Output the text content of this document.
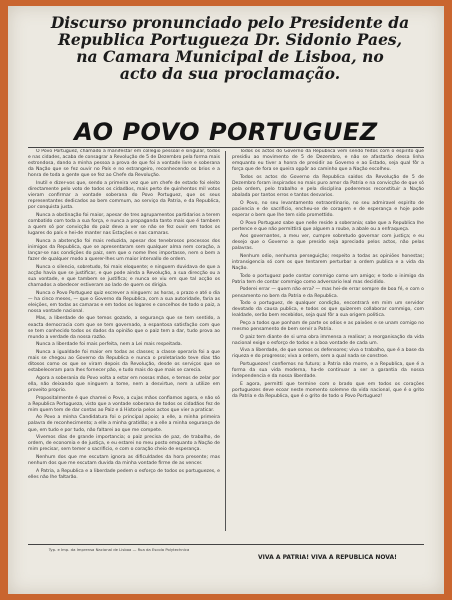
Discurso pronunciado pelo Presidente da
Republica Portugueza Dr. Sidonio Paes,
na Camara Municipal de Lisboa, no
acto da sua proclamação.
AO POVO PORTUGUEZ

O Povo Portuguez, chamado a manifestar em collegio pessoal e singular, todos e nas cidades, acaba de consagrar a Revolução de 5 de Dezembro pela forma mais estrondosa, dando a minha pessoa a prova de que foi a vontade livre e soberana da Nação que se fez ouvir no País e no estrangeiro, reconhecendo os brios e a honra de toda a gente que se fez ao Chefe da Revolução.

Inutil e dizer-vos que, sendo a primeira vez que um chefe de estado foi eleito directamente pelo voto de todos os cidadãos, mais perto de quinhentos mil votos vieram confirmar a vontade soberana do Povo Portuguez, que os seus representantes dedicados ao bem commum, ao serviço da Patria, e da Republica, por conquista justa.

Nunca a obstinação foi maior, apesar de tres agrupamentos partidarios a terem combatido com toda a sua força, e nunca a propaganda tanto mais que é tambem a quem só por convicção do paiz devo a ver se não se fez ouvir em todos os lugares do país e hei-de manter nas Estações e nas camaras.

Nunca a abstenção foi mais reduzida, apesar dos tenebrosos processos dos inimigos da Republica, que se apresentaram sem qualquer alma nem coração, a lançar-se nas condições do paiz, sem que o nome lhes importasse, nem o bem a fazer de qualquer modo a querer-lhes um maior intervallo de ordem.

Nunca o silencio, sobretudo, foi mais eloquente; e ninguem duvidava de que a acção havia que se justificar, e que pode ainda a Revolução, a sua direcção ou a sua vontade, e que tambem se justifica; e nunca se viu em que tal acção os chamados a obedecer estiveram ao lado de quem os dirigia.

Nunca o Povo Portuguez quiz escrever a ninguem: as horas, o prazo e até o dia — ha cinco meses, — que o Governo da Republica, com a sua autoridade, faria as eleições, em todas as camaras e em todos os logares e concelhos de todo o paiz, a nossa vontade nacional.

Mas, a liberdade de que temos gozado, a segurança que se tem sentido, a exacta democracia com que se tem governado, a espantosa satisfação com que se tem conhecido todos os dados da opinião que o paiz tem a dar, tudo prova ao mundo a verdade da nossa razão.

Nunca a liberdade foi mais perfeita, nem a Lei mais respeitada.

Nunca a igualdade foi maior em todas as classes; a classe operaria foi a que mais se chegou ao Governo da Republica e nunca o proletariado teve dias tão ditosos como os que se viram depois da Revolução, desde os serviços que se estabeleceram para lhes fornecer pão, e tudo mais do que mais se carecia.

Agora a soberania do Povo volta a estar em nossas mãos, e temos de zelar por ella, não deixando que ninguem a tome, nem a desvirtue, nem a utilize em proveito proprio.

Propositalmente é que chamei o Povo, a cujas mãos confiamos agora, e não só a Republica Portugueza, visto que a vontade soberana de todos os cidadãos fez de mim quem tem de dar contas ao Paiz e á Historia pelos actos que vier a praticar.

Ao Povo a minha Candidatura foi o principal apoio; a elle, a minha primeira palavra de reconhecimento; a elle a minha gratidão; e a elle a minha segurança de que, em tudo e por tudo, não faltarei ao que me compete.

Vivemos dias de grande importancia; o paiz precisa de paz, de trabalho, de ordem, de economia e de justiça, e eu estarei no meu posto emquanto a Nação de mim precisar, sem temer o sacrificio, e com o coração cheio de esperança.

Nenhum dos que me escutam ignora as dificuldades da hora presente; mas nenhum dos que me escutam duvida da minha vontade firme de as vencer.

A Patria, a Republica e a liberdade pedem o esforço de todos os portuguezes, e elles não lhe faltarão.

Todos os actos do Governo da Republica vem sendo feitos com o espirito que presidiu ao movimento de 5 de Dezembro, e não se afastarão dessa linha emquanto eu tiver a honra de presidir ao Governo e ao Estado, seja qual fôr a força que de fora se queira oppôr ao caminho que a Nação escolheu.

Todos os actos do Governo da Republica saidos da Revolução de 5 de Dezembro foram inspirados no mais puro amor da Patria e na convicção de que só pela ordem, pelo trabalho e pela disciplina poderemos reconstituir a Nação abalada por tantos erros e tantos desvarios.

O Povo, no seu levantamento extraordinario, no seu admiravel espirito de paciencia e de sacrificio, encheu-se de coragem e de esperança e hoje pode esperar o bem que lhe tem sido promettido.

O Povo Portuguez sabe que nelle reside a soberania; sabe que a Republica lhe pertence e que não permittirá que alguem a roube, a abale ou a enfraqueça.

Aos governantes, a meu ver, cumpre sobretudo governar com justiça; e eu desejo que o Governo a que presido seja apreciado pelos actos, não pelas palavras.

Nenhum odio, nenhuma perseguição; respeito a todas as opiniões honestas; intransigencia só com os que tentarem perturbar a ordem publica e a vida da Nação.

Todo o portuguez pode contar commigo como um amigo; e todo o inimigo da Patria tem de contar commigo como adversario leal mas decidido.

Poderei errar — quem não erra? — mas hei-de errar sempre de boa fé, e com o pensamento no bem da Patria e da Republica.

Todo o portuguez, de qualquer condição, encontrará em mim um servidor devotado da causa publica, e todos os que quizerem collaborar commigo, com lealdade, serão bem recebidos, seja qual fôr a sua origem politica.

Peço a todos que ponham de parte os odios e as paixões e se unam comigo no mesmo pensamento de bem servir a Patria.

O paiz tem diante de si uma obra immensa a realisar; a reorganisação da vida nacional exige o esforço de todos e a boa vontade de cada um.

Viva a liberdade, de que somos os defensores; viva o trabalho, que é a base da riqueza e do progresso; viva a ordem, sem a qual nada se constroe.

Portuguezes! confiemos no futuro; a Patria não morre, e a Republica, que é a forma da sua vida moderna, ha-de continuar a ser a garantia da nossa independencia e da nossa liberdade.

E agora, permitti que termine com o brado que em todos os corações portuguezes deve ecoar neste momento solemne da vida nacional, que é o grito da Patria e da Republica, que é o grito de todo o Povo Portuguez!

Typ. e Imp. da Imprensa Nacional de Lisboa — Rua da Escola Polytechnica
VIVA A PATRIA! VIVA A REPUBLICA NOVA!
